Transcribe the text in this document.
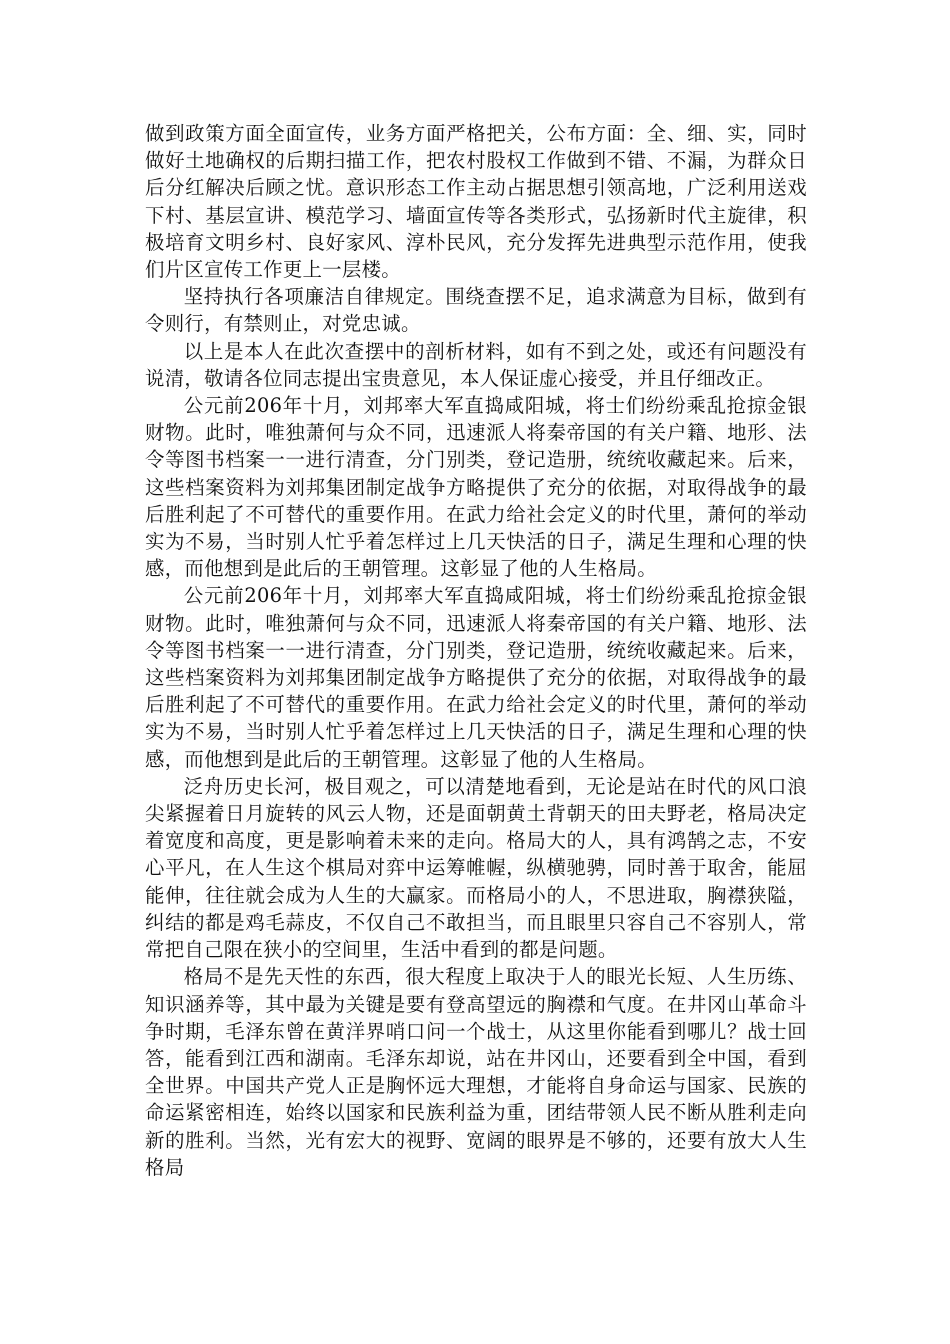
做到政策方面全面宣传，业务方面严格把关，公布方面：全、细、实，同时做好土地确权的后期扫描工作，把农村股权工作做到不错、不漏，为群众日后分红解决后顾之忧。意识形态工作主动占据思想引领高地，广泛利用送戏下村、基层宣讲、模范学习、墙面宣传等各类形式，弘扬新时代主旋律，积极培育文明乡村、良好家风、淳朴民风，充分发挥先进典型示范作用，使我们片区宣传工作更上一层楼。

坚持执行各项廉洁自律规定。围绕查摆不足，追求满意为目标，做到有令则行，有禁则止，对党忠诚。

以上是本人在此次查摆中的剖析材料，如有不到之处，或还有问题没有说清，敬请各位同志提出宝贵意见，本人保证虚心接受，并且仔细改正。

公元前206年十月，刘邦率大军直捣咸阳城，将士们纷纷乘乱抢掠金银财物。此时，唯独萧何与众不同，迅速派人将秦帝国的有关户籍、地形、法令等图书档案一一进行清查，分门别类，登记造册，统统收藏起来。后来，这些档案资料为刘邦集团制定战争方略提供了充分的依据，对取得战争的最后胜利起了不可替代的重要作用。在武力给社会定义的时代里，萧何的举动实为不易，当时别人忙乎着怎样过上几天快活的日子，满足生理和心理的快感，而他想到是此后的王朝管理。这彰显了他的人生格局。

公元前206年十月，刘邦率大军直捣咸阳城，将士们纷纷乘乱抢掠金银财物。此时，唯独萧何与众不同，迅速派人将秦帝国的有关户籍、地形、法令等图书档案一一进行清查，分门别类，登记造册，统统收藏起来。后来，这些档案资料为刘邦集团制定战争方略提供了充分的依据，对取得战争的最后胜利起了不可替代的重要作用。在武力给社会定义的时代里，萧何的举动实为不易，当时别人忙乎着怎样过上几天快活的日子，满足生理和心理的快感，而他想到是此后的王朝管理。这彰显了他的人生格局。

泛舟历史长河，极目观之，可以清楚地看到，无论是站在时代的风口浪尖紧握着日月旋转的风云人物，还是面朝黄土背朝天的田夫野老，格局决定着宽度和高度，更是影响着未来的走向。格局大的人，具有鸿鹄之志，不安心平凡，在人生这个棋局对弈中运筹帷幄，纵横驰骋，同时善于取舍，能屈能伸，往往就会成为人生的大赢家。而格局小的人，不思进取，胸襟狭隘，纠结的都是鸡毛蒜皮，不仅自己不敢担当，而且眼里只容自己不容别人，常常把自己限在狭小的空间里，生活中看到的都是问题。

格局不是先天性的东西，很大程度上取决于人的眼光长短、人生历练、知识涵养等，其中最为关键是要有登高望远的胸襟和气度。在井冈山革命斗争时期，毛泽东曾在黄洋界哨口问一个战士，从这里你能看到哪儿？战士回答，能看到江西和湖南。毛泽东却说，站在井冈山，还要看到全中国，看到全世界。中国共产党人正是胸怀远大理想，才能将自身命运与国家、民族的命运紧密相连，始终以国家和民族利益为重，团结带领人民不断从胜利走向新的胜利。当然，光有宏大的视野、宽阔的眼界是不够的，还要有放大人生格局
